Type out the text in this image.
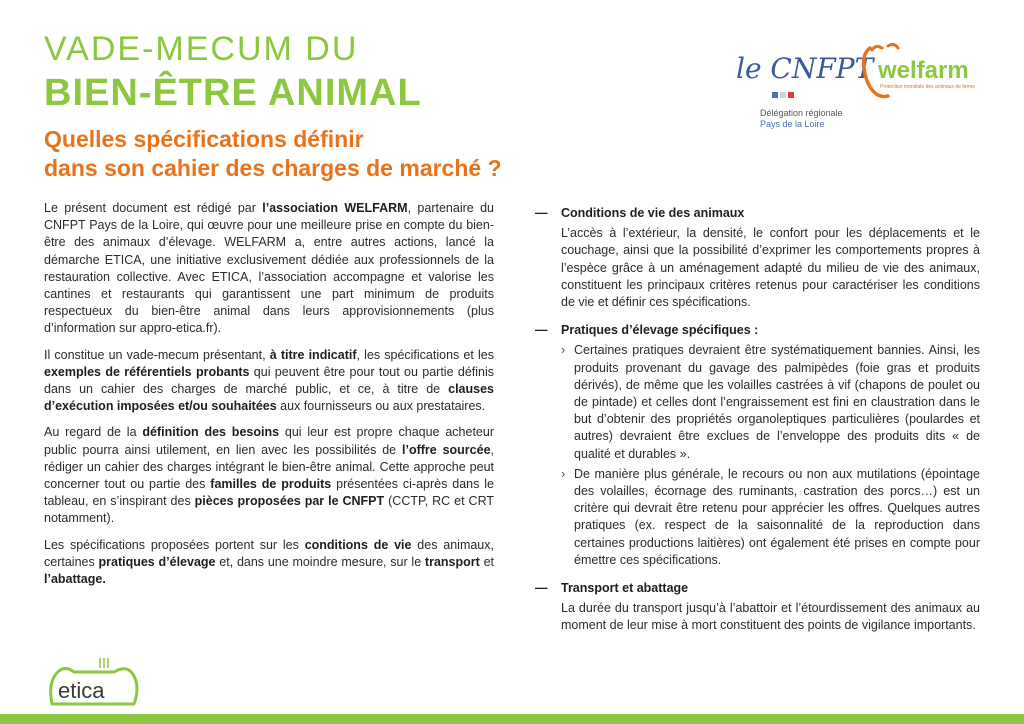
VADE-MECUM DU
BIEN-ÊTRE ANIMAL
Quelles spécifications définir
dans son cahier des charges de marché ?
le CNFPT
Délégation régionale
Pays de la Loire
welfarm
Protection mondiale des animaux de ferme

Le présent document est rédigé par l’association WELFARM, partenaire du CNFPT Pays de la Loire, qui œuvre pour une meilleure prise en compte du bien-être des animaux d’élevage. WELFARM a, entre autres actions, lancé la démarche ETICA, une initiative exclusivement dédiée aux professionnels de la restauration collective. Avec ETICA, l’association accompagne et valorise les cantines et restaurants qui garantissent une part minimum de produits respectueux du bien-être animal dans leurs approvisionnements (plus d’information sur appro-etica.fr).

Il constitue un vade-mecum présentant, à titre indicatif, les spécifications et les exemples de référentiels probants qui peuvent être pour tout ou partie définis dans un cahier des charges de marché public, et ce, à titre de clauses d’exécution imposées et/ou souhaitées aux fournisseurs ou aux prestataires.

Au regard de la définition des besoins qui leur est propre chaque acheteur public pourra ainsi utilement, en lien avec les possibilités de l’offre sourcée, rédiger un cahier des charges intégrant le bien-être animal. Cette approche peut concerner tout ou partie des familles de produits présentées ci-après dans le tableau, en s’inspirant des pièces proposées par le CNFPT (CCTP, RC et CRT notamment).

Les spécifications proposées portent sur les conditions de vie des animaux, certaines pratiques d’élevage et, dans une moindre mesure, sur le transport et l’abattage.

—	Conditions de vie des animaux
L’accès à l’extérieur, la densité, le confort pour les déplacements et le couchage, ainsi que la possibilité d’exprimer les comportements propres à l’espèce grâce à un aménagement adapté du milieu de vie des animaux, constituent les principaux critères retenus pour caractériser les conditions de vie et définir ces spécifications.
—	Pratiques d’élevage spécifiques :
› Certaines pratiques devraient être systématiquement bannies. Ainsi, les produits provenant du gavage des palmipèdes (foie gras et produits dérivés), de même que les volailles castrées à vif (chapons de poulet ou de pintade) et celles dont l’engraissement est fini en claustration dans le but d’obtenir des propriétés organoleptiques particulières (poulardes et autres) devraient être exclues de l’enveloppe des produits dits « de qualité et durables ».
› De manière plus générale, le recours ou non aux mutilations (épointage des volailles, écornage des ruminants, castration des porcs…) est un critère qui devrait être retenu pour apprécier les offres. Quelques autres pratiques (ex. respect de la saisonnalité de la reproduction dans certaines productions laitières) ont également été prises en compte pour émettre ces spécifications.
—	Transport et abattage
La durée du transport jusqu’à l’abattoir et l’étourdissement des animaux au moment de leur mise à mort constituent des points de vigilance importants.
etica
